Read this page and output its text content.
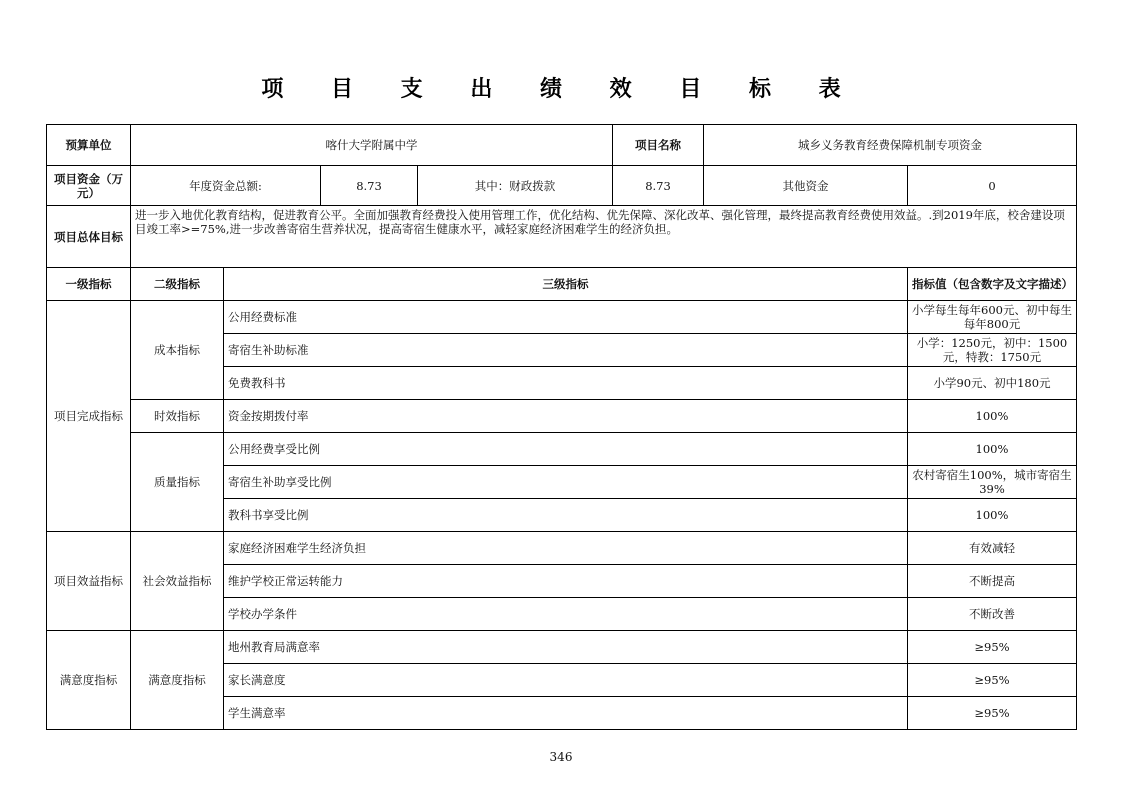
项 目 支 出 绩 效 目 标 表
预算单位	喀什大学附属中学				项目名称	城乡义务教育经费保障机制专项资金	
项目资金（万元）	年度资金总额:		8.73	其中：财政拨款	8.73	其他资金	0
项目总体目标	进一步入地优化教育结构，促进教育公平。全面加强教育经费投入使用管理工作，优化结构、优先保障、深化改革、强化管理，最终提高教育经费使用效益。.到2019年底，校舍建设项目竣工率>=75%,进一步改善寄宿生营养状况，提高寄宿生健康水平，减轻家庭经济困难学生的经济负担。						
一级指标	二级指标	三级指标					指标值（包含数字及文字描述）
项目完成指标	成本指标	公用经费标准					小学每生每年600元、初中每生每年800元
		寄宿生补助标准					小学：1250元，初中：1500元，特教：1750元
		免费教科书					小学90元、初中180元
	时效指标	资金按期拨付率					100%
	质量指标	公用经费享受比例					100%
		寄宿生补助享受比例					农村寄宿生100%，城市寄宿生39%
		教科书享受比例					100%
项目效益指标	社会效益指标	家庭经济困难学生经济负担					有效减轻
		维护学校正常运转能力					不断提高
		学校办学条件					不断改善
满意度指标	满意度指标	地州教育局满意率					≥95%
		家长满意度					≥95%
		学生满意率					≥95%
346
